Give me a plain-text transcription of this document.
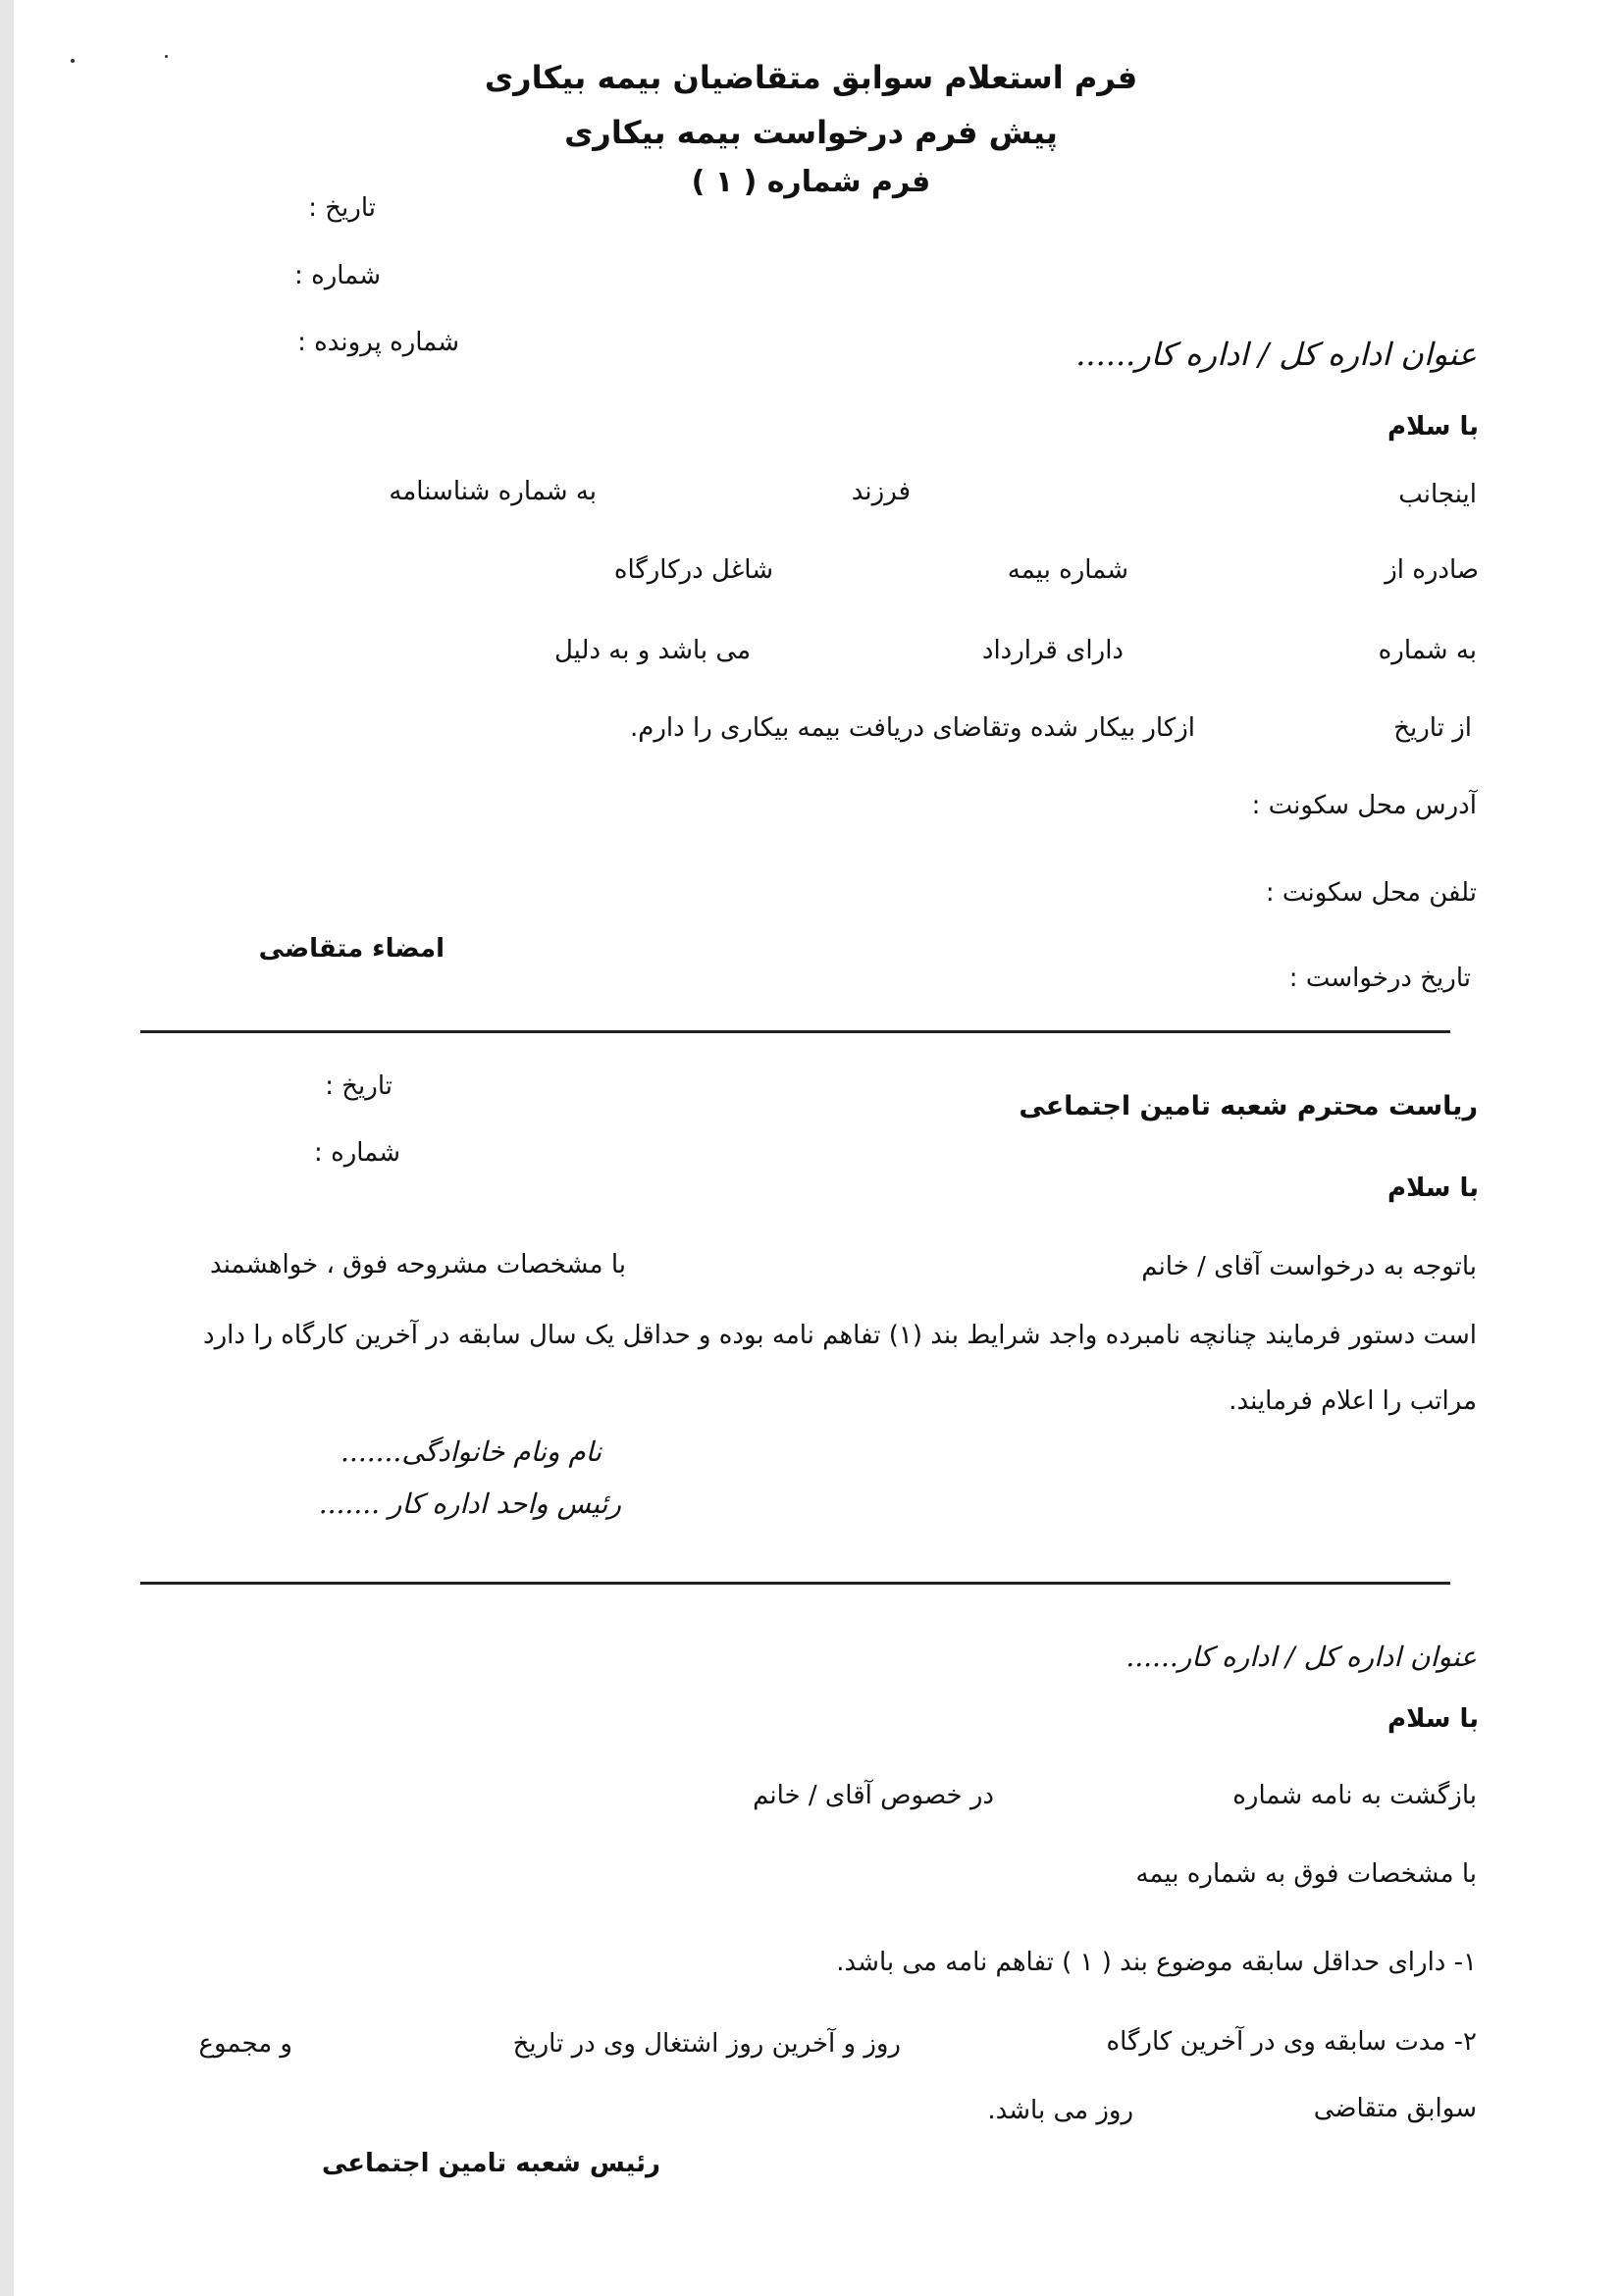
فرم استعلام سوابق متقاضیان بیمه بیکاری
پیش فرم درخواست بیمه بیکاری
فرم شماره ( ۱ )
تاریخ :
شماره :
شماره پرونده :	عنوان اداره کل / اداره کار......
با سلام
اینجانب
فرزند
به شماره شناسنامه
صادره از
شماره بیمه
شاغل درکارگاه
به شماره
دارای قرارداد
می باشد و به دلیل
از تاریخ
ازکار بیکار شده وتقاضای دریافت بیمه بیکاری را دارم.
آدرس محل سکونت :
تلفن محل سکونت :
تاریخ درخواست :
امضاء متقاضی
تاریخ :
شماره :
ریاست محترم شعبه تامین اجتماعی
با سلام
باتوجه به درخواست آقای / خانم
با مشخصات مشروحه فوق ، خواهشمند
است دستور فرمایند چنانچه نامبرده واجد شرایط بند (۱) تفاهم نامه بوده و حداقل یک سال سابقه در آخرین کارگاه را دارد
مراتب را اعلام فرمایند.
نام ونام خانوادگی.......
رئیس واحد اداره کار .......
عنوان اداره کل / اداره کار......
با سلام
بازگشت به نامه شماره
در خصوص آقای / خانم
با مشخصات فوق به شماره بیمه
۱- دارای حداقل سابقه موضوع بند ( ۱ ) تفاهم نامه می باشد.
۲- مدت سابقه وی در آخرین کارگاه
روز و آخرین روز اشتغال وی در تاریخ
و مجموع
سوابق متقاضی
روز می باشد.
رئیس شعبه تامین اجتماعی
